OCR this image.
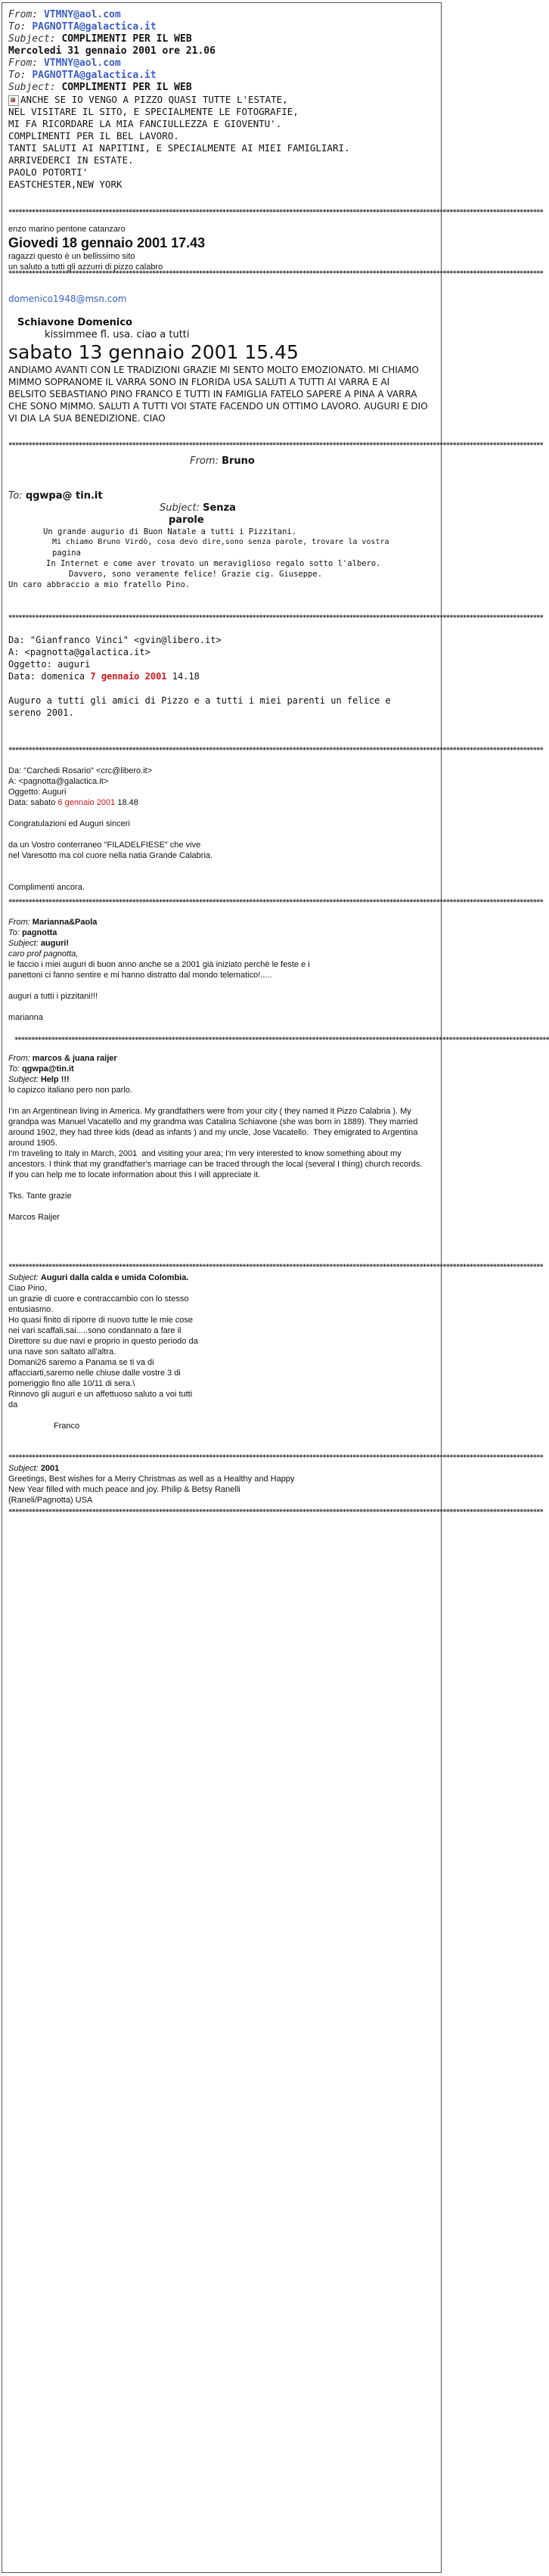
From: VTMNY@aol.com
To: PAGNOTTA@galactica.it
Subject: COMPLIMENTI PER IL WEB
Mercoledi 31 gennaio 2001 ore 21.06
From: VTMNY@aol.com
To: PAGNOTTA@galactica.it
Subject: COMPLIMENTI PER IL WEB
ANCHE SE IO VENGO A PIZZO QUASI TUTTE L'ESTATE,
NEL VISITARE IL SITO, E SPECIALMENTE LE FOTOGRAFIE,
MI FA RICORDARE LA MIA FANCIULLEZZA E GIOVENTU'.
COMPLIMENTI PER IL BEL LAVORO.
TANTI SALUTI AI NAPITINI, E SPECIALMENTE AI MIEI FAMIGLIARI.
ARRIVEDERCI IN ESTATE.
PAOLO POTORTI'
EASTCHESTER,NEW YORK
****************************************************************************************************************************************************************
enzo marino pentone catanzaro
Giovedi 18 gennaio 2001 17.43
ragazzi questo è un bellissimo sito
un saluto a tutti gli azzurri di pizzo calabro
****************************************************************************************************************************************************************
domenico1948@msn.com
Schiavone Domenico
kissimmee fl. usa. ciao a tutti
sabato 13 gennaio 2001 15.45
ANDIAMO AVANTI CON LE TRADIZIONI GRAZIE MI SENTO MOLTO EMOZIONATO. MI CHIAMO MIMMO SOPRANOME IL VARRA SONO IN FLORIDA USA SALUTI A TUTTI AI VARRA E AI BELSITO SEBASTIANO PINO FRANCO E TUTTI IN FAMIGLIA FATELO SAPERE A PINA A VARRA CHE SONO MIMMO. SALUTI A TUTTI VOI STATE FACENDO UN OTTIMO LAVORO. AUGURI E DIO VI DIA LA SUA BENEDIZIONE. CIAO
****************************************************************************************************************************************************************
From: Bruno
To: qgwpa@ tin.it
Subject: Senza
parole
Un grande augurio di Buon Natale a tutti i Pizzitani.
Mi chiamo Bruno Virdò, cosa devo dire,sono senza parole, trovare la vostra
pagina
In Internet e come aver trovato un meraviglioso regalo sotto l'albero.
Davvero, sono veramente felice! Grazie cig. Giuseppe.
Un caro abbraccio a mio fratello Pino.
****************************************************************************************************************************************************************
Da: "Gianfranco Vinci" <gvin@libero.it>
A: <pagnotta@galactica.it>
Oggetto: auguri
Data: domenica 7 gennaio 2001 14.18
Auguro a tutti gli amici di Pizzo e a tutti i miei parenti un felice e sereno 2001.
****************************************************************************************************************************************************************
Da: "Carchedi Rosario" <crc@libero.it>
A: <pagnotta@galactica.it>
Oggetto: Auguri
Data: sabato 6 gennaio 2001 18.48
Congratulazioni ed Auguri sinceri
da un Vostro conterraneo "FILADELFIESE" che vive
nel Varesotto ma col cuore nella natia Grande Calabria.
Complimenti ancora.
****************************************************************************************************************************************************************
From: Marianna&Paola
To: pagnotta
Subject: auguri!
caro prof pagnotta,
le faccio i miei auguri di buon anno anche se a 2001 già iniziato perchè le feste e i
panettoni ci fanno sentire e mi hanno distratto dal mondo telematico!.....
auguri a tutti i pizzitani!!!
marianna
****************************************************************************************************************************************************************
From: marcos & juana raijer
To: qgwpa@tin.it
Subject: Help !!!
lo capizco italiano pero non parlo.
I'm an Argentinean living in America. My grandfathers were from your city ( they named it Pizzo Calabria ). My grandpa was Manuel Vacatello and my grandma was Catalina Schiavone (she was born in 1889). They married around 1902, they had three kids (dead as infants ) and my uncle, Jose Vacatello.  They emigrated to Argentina around 1905.
I'm traveling to Italy in March, 2001  and visiting your area; I'm very interested to know something about my ancestors. I think that my grandfather's marriage can be traced through the local (several I thing) church records.
If you can help me to locate information about this I will appreciate it.
Tks. Tante grazie
Marcos Raijer
****************************************************************************************************************************************************************
Subject: Auguri dalla calda e umida Colombia.
Ciao Pino,
un grazie di cuore e contraccambio con lo stesso
entusiasmo.
Ho quasi finito di riporre di nuovo tutte le mie cose
nei vari scaffali,sai.....sono condannato a fare il
Direttore su due navi e proprio in questo periodo da
una nave son saltato all'altra.
Domani26 saremo a Panama se ti va di
affacciarti,saremo nelle chiuse dalle vostre 3 di
pomeriggio fino alle 10/11 di sera.\
Rinnovo gli auguri e un affettuoso saluto a voi tutti
da
Franco
****************************************************************************************************************************************************************
Subject: 2001
Greetings, Best wishes for a Merry Christmas as well as a Healthy and Happy
New Year filled with much peace and joy. Philip & Betsy Ranelli
(Raneli/Pagnotta) USA
****************************************************************************************************************************************************************
